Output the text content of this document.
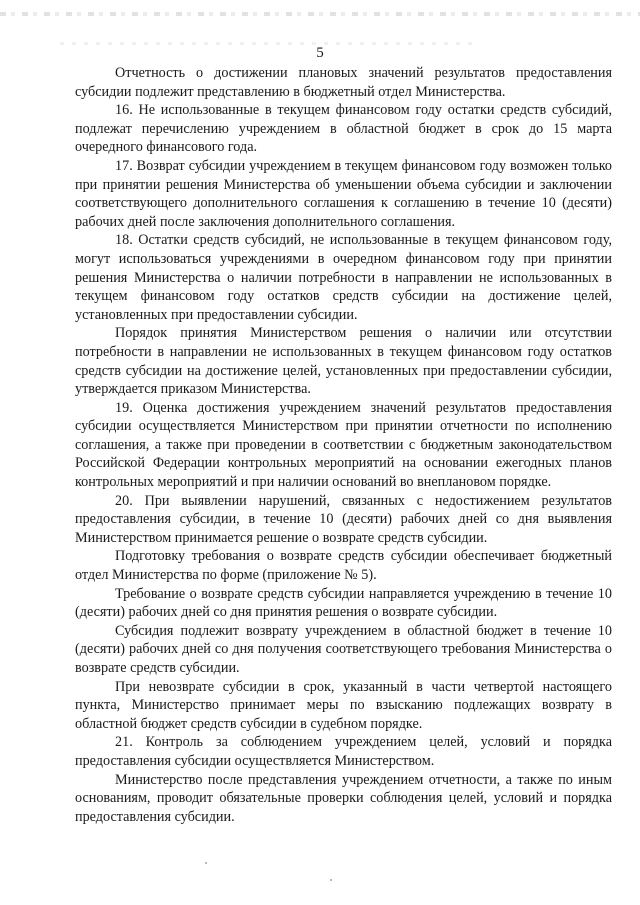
5

Отчетность о достижении плановых значений результатов предоставления субсидии подлежит представлению в бюджетный отдел Министерства.

16. Не использованные в текущем финансовом году остатки средств субсидий, подлежат перечислению учреждением в областной бюджет в срок до 15 марта очередного финансового года.

17. Возврат субсидии учреждением в текущем финансовом году возможен только при принятии решения Министерства об уменьшении объема субсидии и заключении соответствующего дополнительного соглашения к соглашению в течение 10 (десяти) рабочих дней после заключения дополнительного соглашения.

18. Остатки средств субсидий, не использованные в текущем финансовом году, могут использоваться учреждениями в очередном финансовом году при принятии решения Министерства о наличии потребности в направлении не использованных в текущем финансовом году остатков средств субсидии на достижение целей, установленных при предоставлении субсидии.

Порядок принятия Министерством решения о наличии или отсутствии потребности в направлении не использованных в текущем финансовом году остатков средств субсидии на достижение целей, установленных при предоставлении субсидии, утверждается приказом Министерства.

19. Оценка достижения учреждением значений результатов предоставления субсидии осуществляется Министерством при принятии отчетности по исполнению соглашения, а также при проведении в соответствии с бюджетным законодательством Российской Федерации контрольных мероприятий на основании ежегодных планов контрольных мероприятий и при наличии оснований во внеплановом порядке.

20. При выявлении нарушений, связанных с недостижением результатов предоставления субсидии, в течение 10 (десяти) рабочих дней со дня выявления Министерством принимается решение о возврате средств субсидии.

Подготовку требования о возврате средств субсидии обеспечивает бюджетный отдел Министерства по форме (приложение № 5).

Требование о возврате средств субсидии направляется учреждению в течение 10 (десяти) рабочих дней со дня принятия решения о возврате субсидии.

Субсидия подлежит возврату учреждением в областной бюджет в течение 10 (десяти) рабочих дней со дня получения соответствующего требования Министерства о возврате средств субсидии.

При невозврате субсидии в срок, указанный в части четвертой настоящего пункта, Министерство принимает меры по взысканию подлежащих возврату в областной бюджет средств субсидии в судебном порядке.

21. Контроль за соблюдением учреждением целей, условий и порядка предоставления субсидии осуществляется Министерством.

Министерство после представления учреждением отчетности, а также по иным основаниям, проводит обязательные проверки соблюдения целей, условий и порядка предоставления субсидии.
